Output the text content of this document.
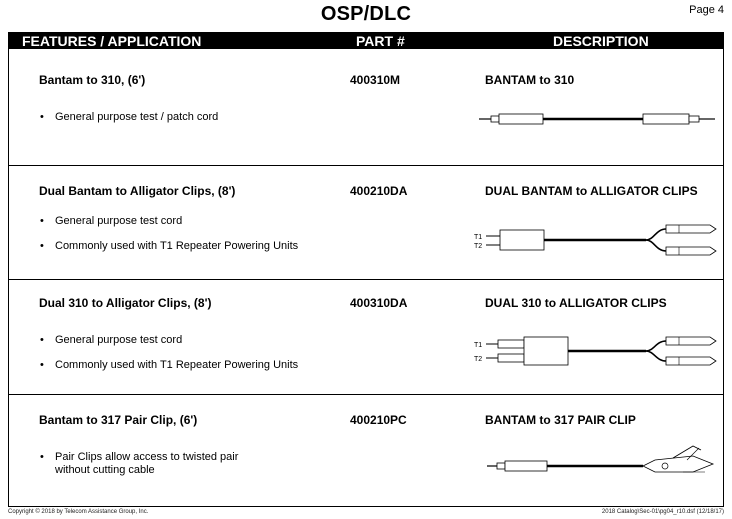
OSP/DLC	Page 4
FEATURES / APPLICATION	PART #	DESCRIPTION
Bantam to 310, (6')	400310M	BANTAM to 310
• General purpose test / patch cord
Dual Bantam to Alligator Clips, (8')	400210DA	DUAL BANTAM to ALLIGATOR CLIPS
• General purpose test cord
• Commonly used with T1 Repeater Powering Units
T1
T2
Dual 310 to Alligator Clips, (8')	400310DA	DUAL 310 to ALLIGATOR CLIPS
• General purpose test cord
• Commonly used with T1 Repeater Powering Units
T1
T2
Bantam to 317 Pair Clip, (6')	400210PC	BANTAM to 317 PAIR CLIP
• Pair Clips allow access to twisted pair
without cutting cable
Copyright © 2018 by Telecom Assistance Group, Inc.	2018 Catalog\Sec-01\pg04_r10.dsf (12/18/17)
